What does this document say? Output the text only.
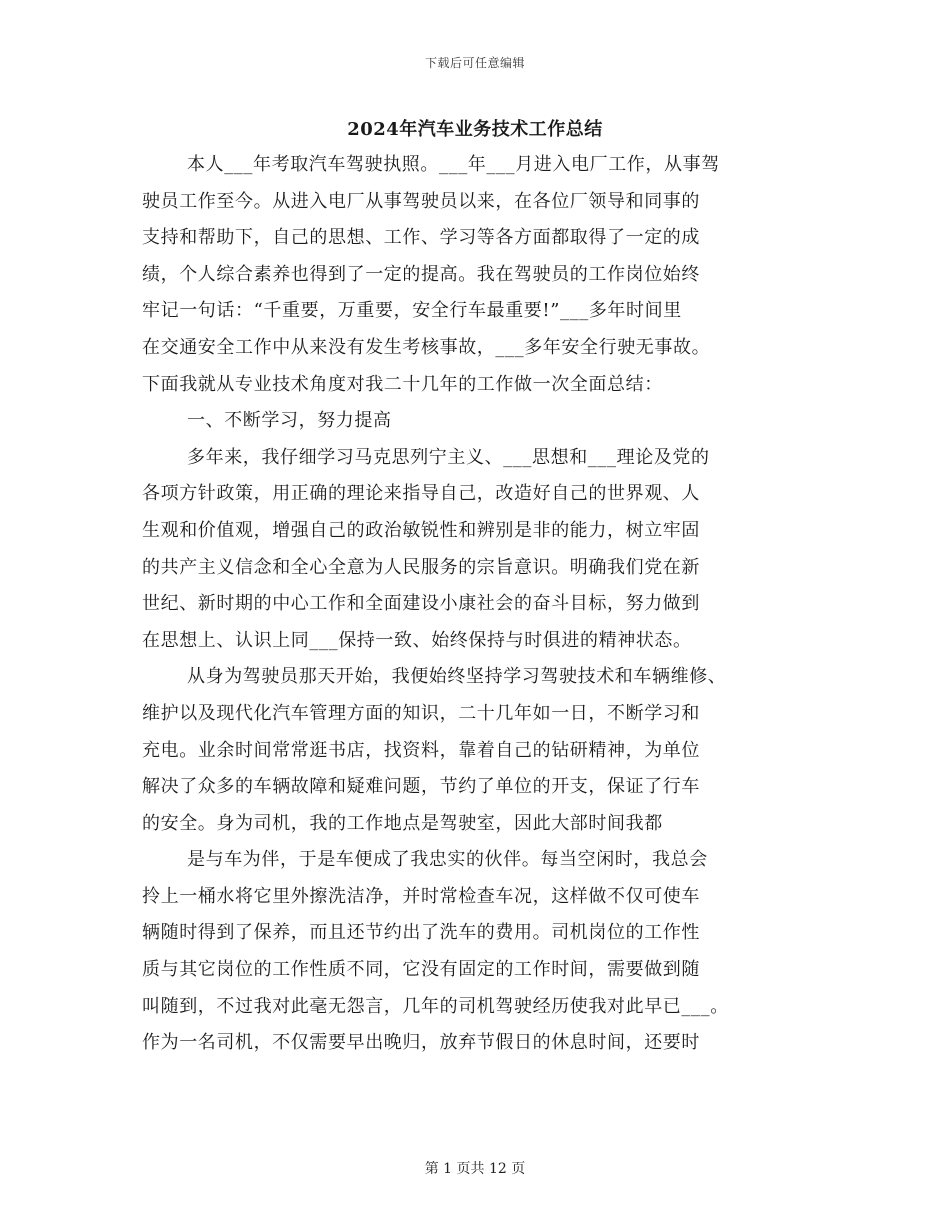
下载后可任意编辑
2024年汽车业务技术工作总结
本人___年考取汽车驾驶执照。___年___月进入电厂工作，从事驾
驶员工作至今。从进入电厂从事驾驶员以来，在各位厂领导和同事的
支持和帮助下，自己的思想、工作、学习等各方面都取得了一定的成
绩，个人综合素养也得到了一定的提高。我在驾驶员的工作岗位始终
牢记一句话：“千重要，万重要，安全行车最重要!”___多年时间里
在交通安全工作中从来没有发生考核事故，___多年安全行驶无事故。
下面我就从专业技术角度对我二十几年的工作做一次全面总结：
一、不断学习，努力提高
多年来，我仔细学习马克思列宁主义、___思想和___理论及党的
各项方针政策，用正确的理论来指导自己，改造好自己的世界观、人
生观和价值观，增强自己的政治敏锐性和辨别是非的能力，树立牢固
的共产主义信念和全心全意为人民服务的宗旨意识。明确我们党在新
世纪、新时期的中心工作和全面建设小康社会的奋斗目标，努力做到
在思想上、认识上同___保持一致、始终保持与时俱进的精神状态。
从身为驾驶员那天开始，我便始终坚持学习驾驶技术和车辆维修、
维护以及现代化汽车管理方面的知识，二十几年如一日，不断学习和
充电。业余时间常常逛书店，找资料，靠着自己的钻研精神，为单位
解决了众多的车辆故障和疑难问题，节约了单位的开支，保证了行车
的安全。身为司机，我的工作地点是驾驶室，因此大部时间我都
是与车为伴，于是车便成了我忠实的伙伴。每当空闲时，我总会
拎上一桶水将它里外擦洗洁净，并时常检查车况，这样做不仅可使车
辆随时得到了保养，而且还节约出了洗车的费用。司机岗位的工作性
质与其它岗位的工作性质不同，它没有固定的工作时间，需要做到随
叫随到，不过我对此毫无怨言，几年的司机驾驶经历使我对此早已___。
作为一名司机，不仅需要早出晚归，放弃节假日的休息时间，还要时
第 1 页共 12 页
